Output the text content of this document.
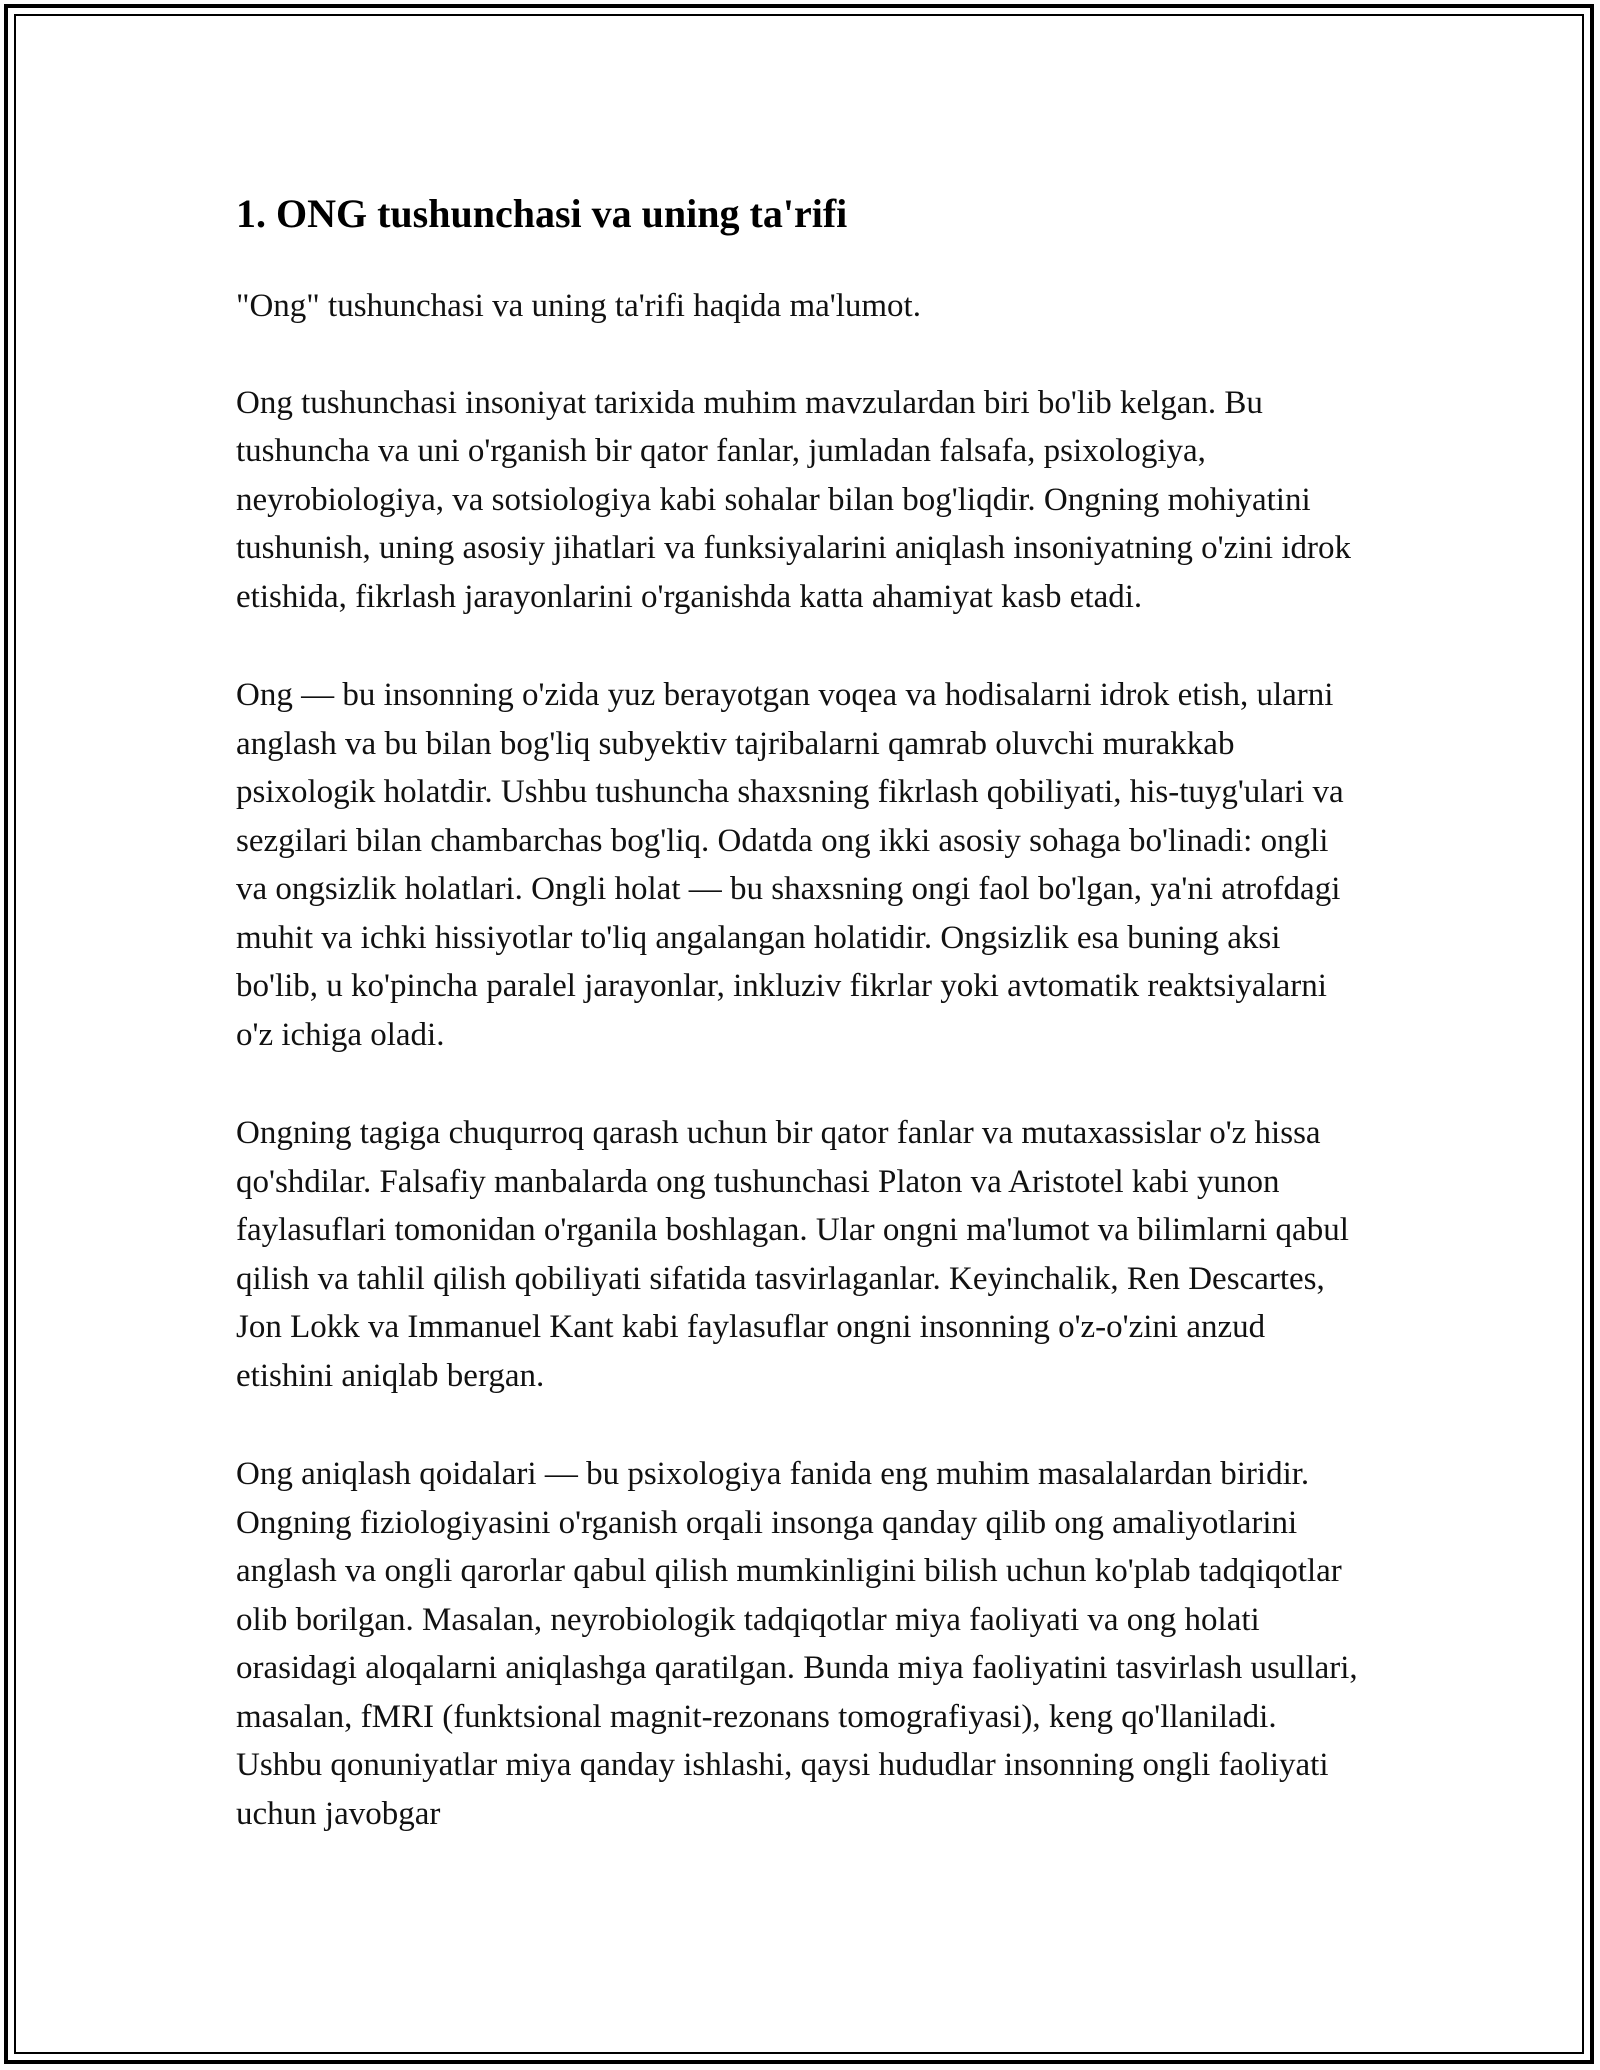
1. ONG tushunchasi va uning ta'rifi

"Ong" tushunchasi va uning ta'rifi haqida ma'lumot.

Ong tushunchasi insoniyat tarixida muhim mavzulardan biri bo'lib kelgan. Bu tushuncha va uni o'rganish bir qator fanlar, jumladan falsafa, psixologiya, neyrobiologiya, va sotsiologiya kabi sohalar bilan bog'liqdir. Ongning mohiyatini tushunish, uning asosiy jihatlari va funksiyalarini aniqlash insoniyatning o'zini idrok etishida, fikrlash jarayonlarini o'rganishda katta ahamiyat kasb etadi.

Ong — bu insonning o'zida yuz berayotgan voqea va hodisalarni idrok etish, ularni anglash va bu bilan bog'liq subyektiv tajribalarni qamrab oluvchi murakkab psixologik holatdir. Ushbu tushuncha shaxsning fikrlash qobiliyati, his-tuyg'ulari va sezgilari bilan chambarchas bog'liq. Odatda ong ikki asosiy sohaga bo'linadi: ongli va ongsizlik holatlari. Ongli holat — bu shaxsning ongi faol bo'lgan, ya'ni atrofdagi muhit va ichki hissiyotlar to'liq angalangan holatidir. Ongsizlik esa buning aksi bo'lib, u ko'pincha paralel jarayonlar, inkluziv fikrlar yoki avtomatik reaktsiyalarni o'z ichiga oladi.

Ongning tagiga chuqurroq qarash uchun bir qator fanlar va mutaxassislar o'z hissa qo'shdilar. Falsafiy manbalarda ong tushunchasi Platon va Aristotel kabi yunon faylasuflari tomonidan o'rganila boshlagan. Ular ongni ma'lumot va bilimlarni qabul qilish va tahlil qilish qobiliyati sifatida tasvirlaganlar. Keyinchalik, Ren Descartes, Jon Lokk va Immanuel Kant kabi faylasuflar ongni insonning o'z-o'zini anzud etishini aniqlab bergan.

Ong aniqlash qoidalari — bu psixologiya fanida eng muhim masalalardan biridir. Ongning fiziologiyasini o'rganish orqali insonga qanday qilib ong amaliyotlarini anglash va ongli qarorlar qabul qilish mumkinligini bilish uchun ko'plab tadqiqotlar olib borilgan. Masalan, neyrobiologik tadqiqotlar miya faoliyati va ong holati orasidagi aloqalarni aniqlashga qaratilgan. Bunda miya faoliyatini tasvirlash usullari, masalan, fMRI (funktsional magnit-rezonans tomografiyasi), keng qo'llaniladi. Ushbu qonuniyatlar miya qanday ishlashi, qaysi hududlar insonning ongli faoliyati uchun javobgar
